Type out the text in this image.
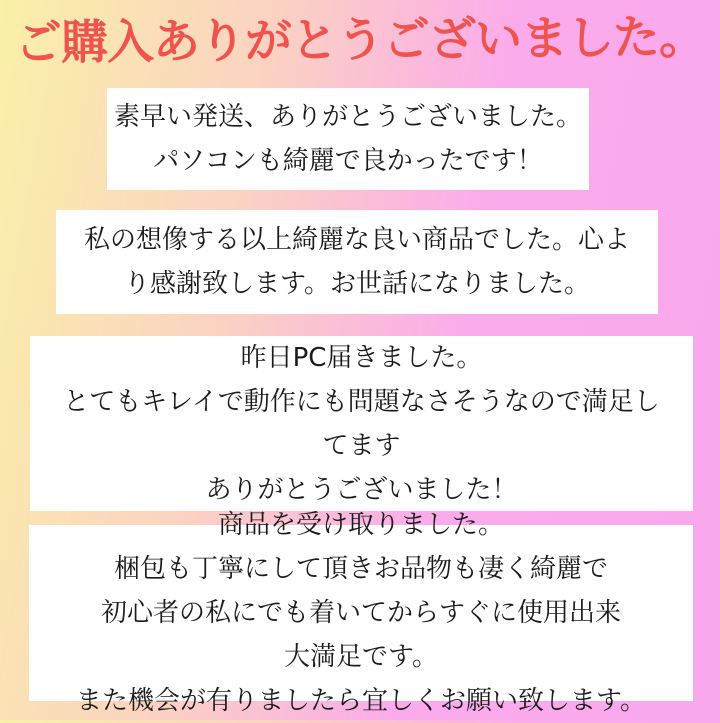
ご購入ありがとうございました。
素早い発送、ありがとうございました。
パソコンも綺麗で良かったです！
私の想像する以上綺麗な良い商品でした。心よ
り感謝致します。お世話になりました。
昨日PC届きました。
とてもキレイで動作にも問題なさそうなので満足し
てます
ありがとうございました！
商品を受け取りました。
梱包も丁寧にして頂きお品物も凄く綺麗で
初心者の私にでも着いてからすぐに使用出来
大満足です。
また機会が有りましたら宜しくお願い致します。
